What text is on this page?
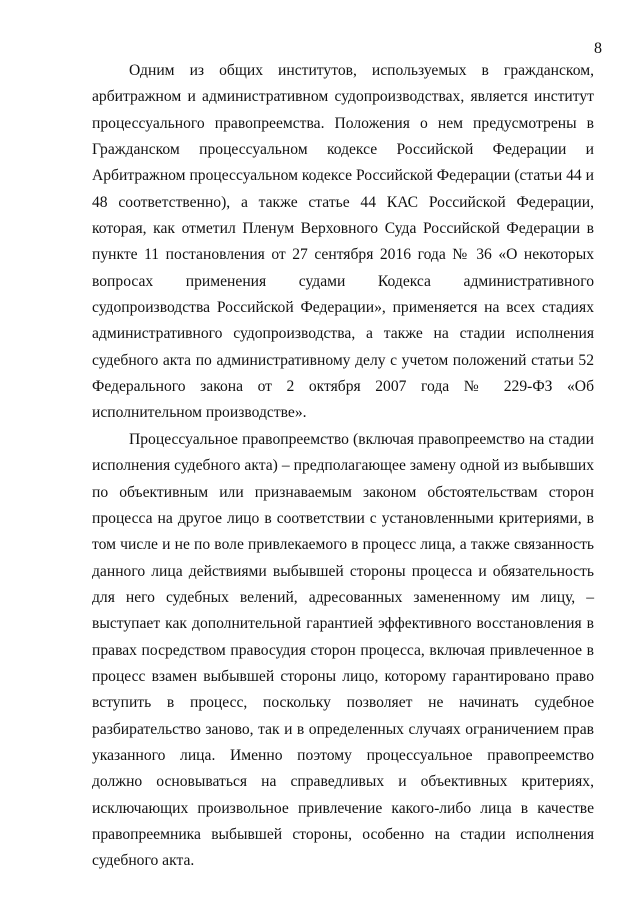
8

Одним из общих институтов, используемых в гражданском, арбитражном и административном судопроизводствах, является институт процессуального правопреемства. Положения о нем предусмотрены в Гражданском процессуальном кодексе Российской Федерации и Арбитражном процессуальном кодексе Российской Федерации (статьи 44 и 48 соответственно), а также статье 44 КАС Российской Федерации, которая, как отметил Пленум Верховного Суда Российской Федерации в пункте 11 постановления от 27 сентября 2016 года № 36 «О некоторых вопросах применения судами Кодекса административного судопроизводства Российской Федерации», применяется на всех стадиях административного судопроизводства, а также на стадии исполнения судебного акта по административному делу с учетом положений статьи 52 Федерального закона от 2 октября 2007 года № 229-ФЗ «Об исполнительном производстве».

Процессуальное правопреемство (включая правопреемство на стадии исполнения судебного акта) – предполагающее замену одной из выбывших по объективным или признаваемым законом обстоятельствам сторон процесса на другое лицо в соответствии с установленными критериями, в том числе и не по воле привлекаемого в процесс лица, а также связанность данного лица действиями выбывшей стороны процесса и обязательность для него судебных велений, адресованных замененному им лицу, – выступает как дополнительной гарантией эффективного восстановления в правах посредством правосудия сторон процесса, включая привлеченное в процесс взамен выбывшей стороны лицо, которому гарантировано право вступить в процесс, поскольку позволяет не начинать судебное разбирательство заново, так и в определенных случаях ограничением прав указанного лица. Именно поэтому процессуальное правопреемство должно основываться на справедливых и объективных критериях, исключающих произвольное привлечение какого-либо лица в качестве правопреемника выбывшей стороны, особенно на стадии исполнения судебного акта.
